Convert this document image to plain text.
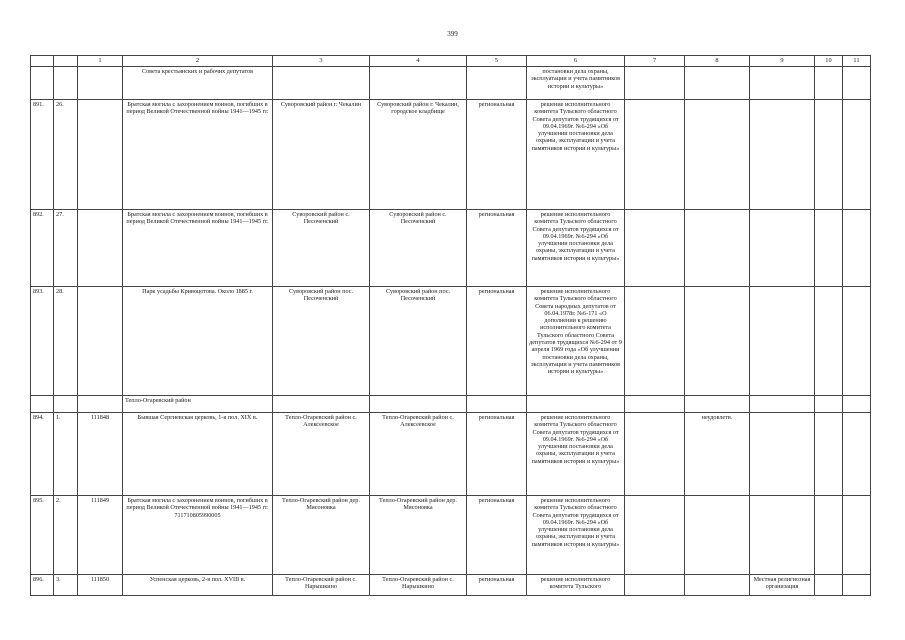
399
		1	2	3	4	5	6	7	8	9	10	11
			Совета крестьянских и рабочих депутатов				постановки дела охраны, эксплуатации и учета памятников истории и культуры»					
891.	26.		Братская могила с захоронением воинов, погибших в период Великой Отечественной войны 1941—1945 гг.	Суворовский район г. Чекалин	Суворовский район г. Чекалин, городское кладбище	региональная	решение исполнительного комитета Тульского областного Совета депутатов трудящихся от 09.04.1969г. №6-294 «Об улучшении постановки дела охраны, эксплуатации и учета памятников истории и культуры»					
892.	27.		Братская могила с захоронением воинов, погибших в период Великой Отечественной войны 1941—1945 гг.	Суворовский район с. Песоченский	Суворовский район с. Песоченский	региональная	решение исполнительного комитета Тульского областного Совета депутатов трудящихся от 09.04.1969г. №6-294 «Об улучшении постановки дела охраны, эксплуатации и учета памятников истории и культуры»					
893.	28.		Парк усадьбы Кривоцотова. Около 1885 г.	Суворовский район пос. Песоченский	Суворовский район пос. Песоченский	региональная	решение исполнительного комитета Тульского областного Совета народных депутатов от 06.04.1978г. №6-171 «О дополнении к решению исполнительного комитета Тульского областного Совета депутатов трудящихся №6-294 от 9 апреля 1969 года «Об улучшении постановки дела охраны, эксплуатации и учета памятников истории и культуры»					
			Тепло-Огаревский район									
894.	1.	111848	Бывшая Сергиевская церковь, 1-я пол. XIX в.	Тепло-Огаревский район с. Алексеевское	Тепло-Огаревский район с. Алексеевское	региональная	решение исполнительного комитета Тульского областного Совета депутатов трудящихся от 09.04.1969г. №6-294 «Об улучшении постановки дела охраны, эксплуатации и учета памятников истории и культуры»		неудовлетв.			
895.	2.	111849	Братская могила с захоронением воинов, погибших в период Великой Отечественной войны 1941—1945 гг. 711710805990005	Тепло-Огаревский район дер. Мясоновка	Тепло-Огаревский район дер. Мясоновка	региональная	решение исполнительного комитета Тульского областного Совета депутатов трудящихся от 09.04.1969г. №6-294 «Об улучшении постановки дела охраны, эксплуатации и учета памятников истории и культуры»					
896.	3.	111850	Успенская церковь, 2-я пол. XVIII в.	Тепло-Огаревский район с. Нарышкино	Тепло-Огаревский район с. Нарышкино	региональная	решение исполнительного комитета Тульского			Местная религиозная организация		
